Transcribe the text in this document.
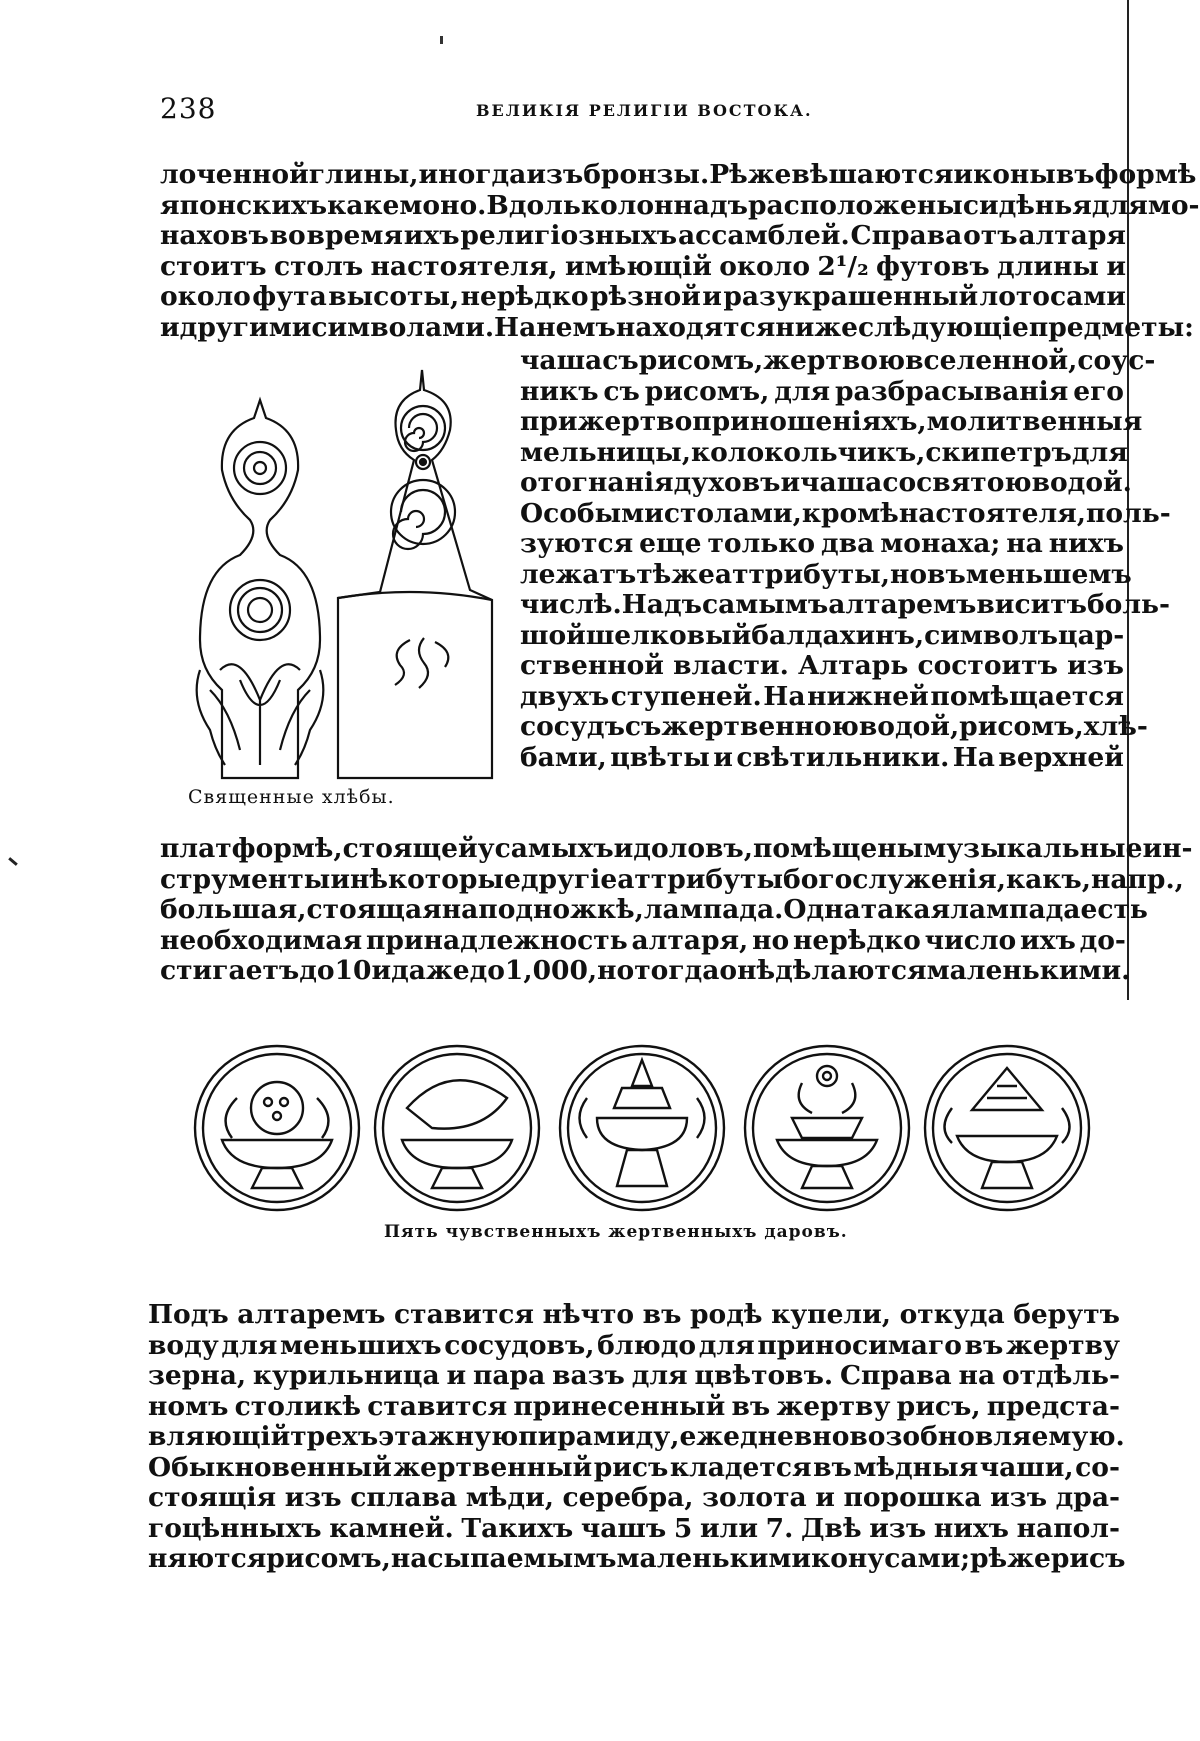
238	ВЕЛИКІЯ РЕЛИГІИ ВОСТОКА.
лоченной глины, иногда изъ бронзы. Рѣже вѣшаются иконы въ формѣ
японскихъ какемоно. Вдоль колоннадъ расположены сидѣнья для мо-
наховъ во время ихъ религіозныхъ ассамблей. Справа отъ алтаря
стоитъ столъ настоятеля, имѣющій около 2¹/₂ футовъ длины и
около фута высоты, нерѣдко рѣзной и разукрашенный лотосами
и другими символами. На немъ находятся нижеслѣдующіе предметы:
Священные хлѣбы.
чаша съ рисомъ, жертвою вселенной, соус-
никъ съ рисомъ, для разбрасыванія его
при жертвоприношеніяхъ, молитвенныя
мельницы, колокольчикъ, скипетръ для
отогнанія духовъ и чаша со святою водой.
Особыми столами, кромѣ настоятеля, поль-
зуются еще только два монаха; на нихъ
лежатъ тѣ же аттрибуты, но въ меньшемъ
числѣ. Надъ самымъ алтаремъ виситъ боль-
шой шелковый балдахинъ, символъ цар-
ственной власти. Алтарь состоитъ изъ
двухъ ступеней. На нижней помѣщается
сосудъ съ жертвенною водой, рисомъ, хлѣ-
бами, цвѣты и свѣтильники. На верхней
платформѣ, стоящей у самыхъ идоловъ, помѣщены музыкальные ин-
струменты и нѣкоторые другіе аттрибуты богослуженія, какъ, напр.,
большая, стоящая на подножкѣ, лампада. Одна такая лампада есть
необходимая принадлежность алтаря, но нерѣдко число ихъ до-
стигаетъ до 10 и даже до 1,000, но тогда онѣ дѣлаются маленькими.
Пять чувственныхъ жертвенныхъ даровъ.
Подъ алтаремъ ставится нѣчто въ родѣ купели, откуда берутъ
воду для меньшихъ сосудовъ, блюдо для приносимаго въ жертву
зерна, курильница и пара вазъ для цвѣтовъ. Справа на отдѣль-
номъ столикѣ ставится принесенный въ жертву рисъ, предста-
вляющій трехъэтажную пирамиду, ежедневно возобновляемую.
Обыкновенный жертвенный рисъ кладется въ мѣдныя чаши, со-
стоящія изъ сплава мѣди, серебра, золота и порошка изъ дра-
гоцѣнныхъ камней. Такихъ чашъ 5 или 7. Двѣ изъ нихъ напол-
няются рисомъ, насыпаемымъ маленькими конусами; рѣже рисъ
